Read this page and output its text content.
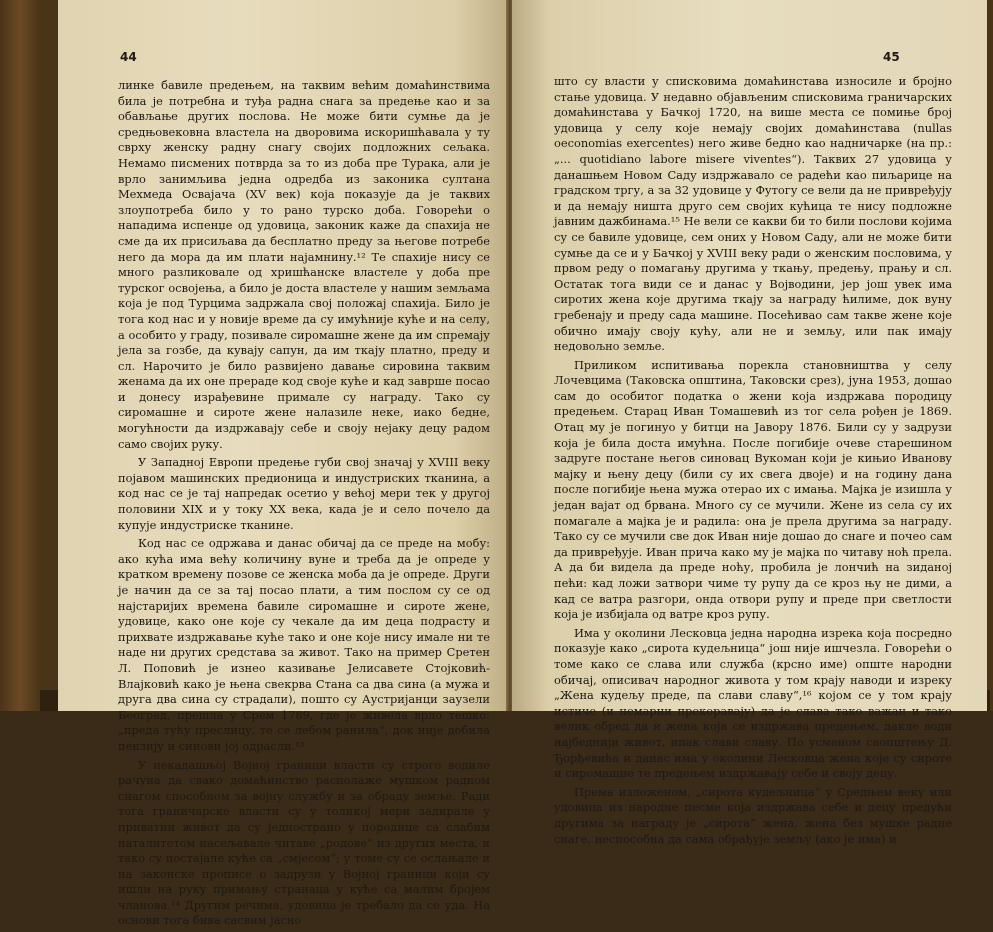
44

линке бавиле предењем, на таквим већим домаћинствима била је потребна и туђа радна снага за предење као и за обављање других послова. Не може бити сумње да је средњовековна властела на дворовима искоришћавала у ту сврху женску радну снагу својих подложних сељака. Немамо писмених потврда за то из доба пре Турака, али је врло занимљива једна одредба из законика султана Мехмеда Освајача (XV век) која показује да је таквих злоупотреба било у то рано турско доба. Говорећи о нападима испенџе од удовица, законик каже да спахија не сме да их присиљава да бесплатно преду за његове потребе него да мора да им плати најамнину.¹² Те спахије нису се много разликовале од хришћанске властеле у доба пре турског освојења, а било је доста властеле у нашим земљама која је под Турцима задржала свој положај спахија. Било је тога код нас и у новије време да су имућније куће и на селу, а особито у граду, позивале сиромашне жене да им спремају јела за гозбе, да кувају сапун, да им ткају платно, преду и сл. Нарочито је било развијено давање сировина таквим женама да их оне прераде код своје куће и кад заврше посао и донесу израђевине примале су награду. Тако су сиромашне и сироте жене налазиле неке, иако бедне, могућности да издржавају себе и своју нејаку децу радом само својих руку.

У Западној Европи предење губи свој значај у XVIII веку појавом машинских предионица и индустриских тканина, а код нас се је тај напредак осетио у већој мери тек у другој половини XIX и у току XX века, када је и село почело да купује индустриске тканине.

Код нас се одржава и данас обичај да се преде на мобу: ако кућа има већу количину вуне и треба да је опреде у кратком времену позове се женска моба да је опреде. Други је начин да се за тај посао плати, а тим послом су се од најстаријих времена бавиле сиромашне и сироте жене, удовице, како оне које су чекале да им деца подрасту и прихвате издржавање куће тако и оне које нису имале ни те наде ни других средстава за живот. Тако на пример Сретен Л. Поповић је изнео казивање Јелисавете Стојковић-Влајковић како је њена свекрва Стана са два сина (а мужа и друга два сина су страдали), пошто су Аустријанци заузели Београд, прешла у Срем 1789, где је живела врло тешко: „преда тућу преслицу, те се лебом ранила“, док није добила пензију и синови јој одрасли.¹³

У некадашњој Војној граници власти су строго водиле рачуна да свако домаћинство располаже мушком радном снагом способном за војну службу и за обраду земље. Ради тога граничарске власти су у толикој мери задирале у приватни живот да су једнострано у породице са слабим наталитетом насељавале читаве „родове“ из других места, и тако су постајале куће са „смјесом“; у томе су се ослањале и на законске прописе о задрузи у Војној граници који су ишли на руку примању странаца у куће са малим бројем чланова.¹⁴ Другим речима, удовица је требало да се уда. На основи тога бива сасвим јасно

45

што су власти у списковима домаћинстава износиле и бројно стање удовица. У недавно објављеним списковима граничарских домаћинстава у Бачкој 1720, на више места се помиње број удовица у селу које немају својих домаћинстава (nullas oeconomias exercentes) него живе бедно као надничарке (на пр.: „... quotidiano labore misere viventes“). Таквих 27 удовица у данашњем Новом Саду издржавало се радећи као пиљарице на градском тргу, а за 32 удовице у Футогу се вели да не привређују и да немају ништа друго сем својих кућица те нису подложне јавним дажбинама.¹⁵ Не вели се какви би то били послови којима су се бавиле удовице, сем оних у Новом Саду, али не може бити сумње да се и у Бачкој у XVIII веку ради о женским пословима, у првом реду о помагању другима у ткању, предењу, прању и сл. Остатак тога види се и данас у Војводини, јер још увек има сиротих жена које другима ткају за награду ћилиме, док вуну гребенају и преду сада машине. Посећивао сам такве жене које обично имају своју кућу, али не и земљу, или пак имају недовољно земље.

Приликом испитивања порекла становништва у селу Лочевцима (Таковска општина, Таковски срез), јуна 1953, дошао сам до особитог податка о жени која издржава породицу предењем. Старац Иван Томашевић из тог села рођен је 1869. Отац му је погинуо у битци на Јавору 1876. Били су у задрузи која је била доста имућна. После погибије очеве старешином задруге постане његов синовац Вукоман који је кињио Ивановy мајку и њену децу (били су их свега двоје) и на годину дана после погибије њена мужа отерао их с имања. Мајка је изишла у један вајат од брвана. Много су се мучили. Жене из села су их помагале а мајка је и радила: она је прела другима за награду. Тако су се мучили све док Иван није дошао до снаге и почео сам да привређује. Иван прича како му је мајка по читаву ноћ прела. А да би видела да преде ноћу, пробила је лончић на зиданој пећи: кад ложи затвори чиме ту рупу да се кроз њу не дими, а кад се ватра разгори, онда отвори рупу и преде при светлости која је избијала од ватре кроз рупу.

Има у околини Лесковца једна народна изрека која посредно показује како „сирота кудељница“ још није ишчезла. Говорећи о томе како се слава или служба (крсно име) опште народни обичај, описивач народног живота у том крају наводи и изреку „Жена кудељу преде, па слави славу“,¹⁶ којом се у том крају истиче (и немарни прекоравају) да је слава тако важан и тако велик обред да и жена која се издржава предењем, дакле води најбеднији живот, ипак слави славу. По усменом саопштењу Д. Ђорђевића и данас има у околини Лесковца жена које су сироте и сиромашне те предењем издржавају себе и своју децу.

Према изложеном, „сирота кудељница“ у Средњем веку или удовица из народне песме која издржава себе и децу предући другима за награду је „сирота“ жена, жена без мушке радне снаге, неспособна да сама обрађује земљу (ако је има) и
